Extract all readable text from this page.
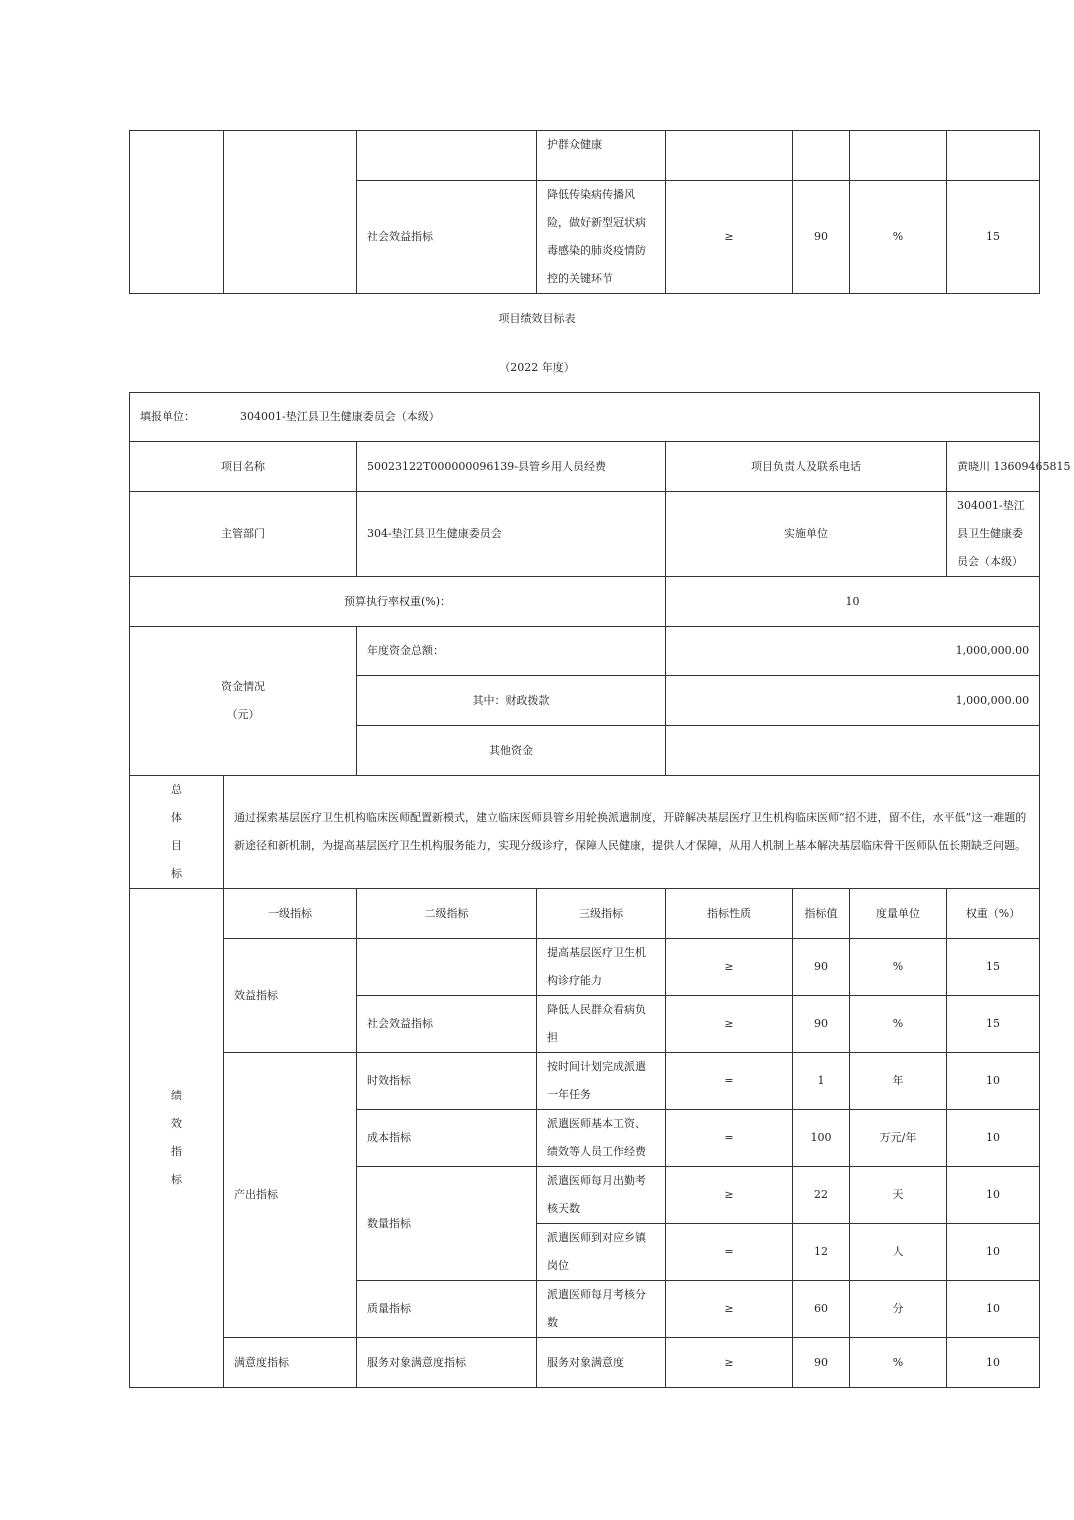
			护群众健康				
		社会效益指标	降低传染病传播风险，做好新型冠状病毒感染的肺炎疫情防控的关键环节	≥	90	%	15
项目绩效目标表
（2022 年度）
填报单位： 304001-垫江县卫生健康委员会（本级）							
项目名称		50023122T000000096139-县管乡用人员经费		项目负责人及联系电话			黄晓川 13609465815
主管部门		304-垫江县卫生健康委员会		实施单位			304001-垫江县卫生健康委员会（本级）
预算执行率权重(%)：				10			

资金情况
（元）		年度资金总额：		1,000,000.00			
		其中：财政拨款		1,000,000.00			
		其他资金					

总
体
目
标	通过探索基层医疗卫生机构临床医师配置新模式，建立临床医师县管乡用轮换派遣制度，开辟解决基层医疗卫生机构临床医师“招不进，留不住，水平低”这一难题的新途径和新机制，为提高基层医疗卫生机构服务能力，实现分级诊疗，保障人民健康，提供人才保障，从用人机制上基本解决基层临床骨干医师队伍长期缺乏问题。						

绩
效
指
标	一级指标	二级指标	三级指标	指标性质	指标值	度量单位	权重（%）
	效益指标		提高基层医疗卫生机构诊疗能力	≥	90	%	15
		社会效益指标	降低人民群众看病负担	≥	90	%	15
	产出指标	时效指标	按时间计划完成派遣一年任务	=	1	年	10
		成本指标	派遣医师基本工资、绩效等人员工作经费	=	100	万元/年	10
		数量指标	派遣医师每月出勤考核天数	≥	22	天	10
			派遣医师到对应乡镇岗位	=	12	人	10
		质量指标	派遣医师每月考核分数	≥	60	分	10
	满意度指标	服务对象满意度指标	服务对象满意度	≥	90	%	10
